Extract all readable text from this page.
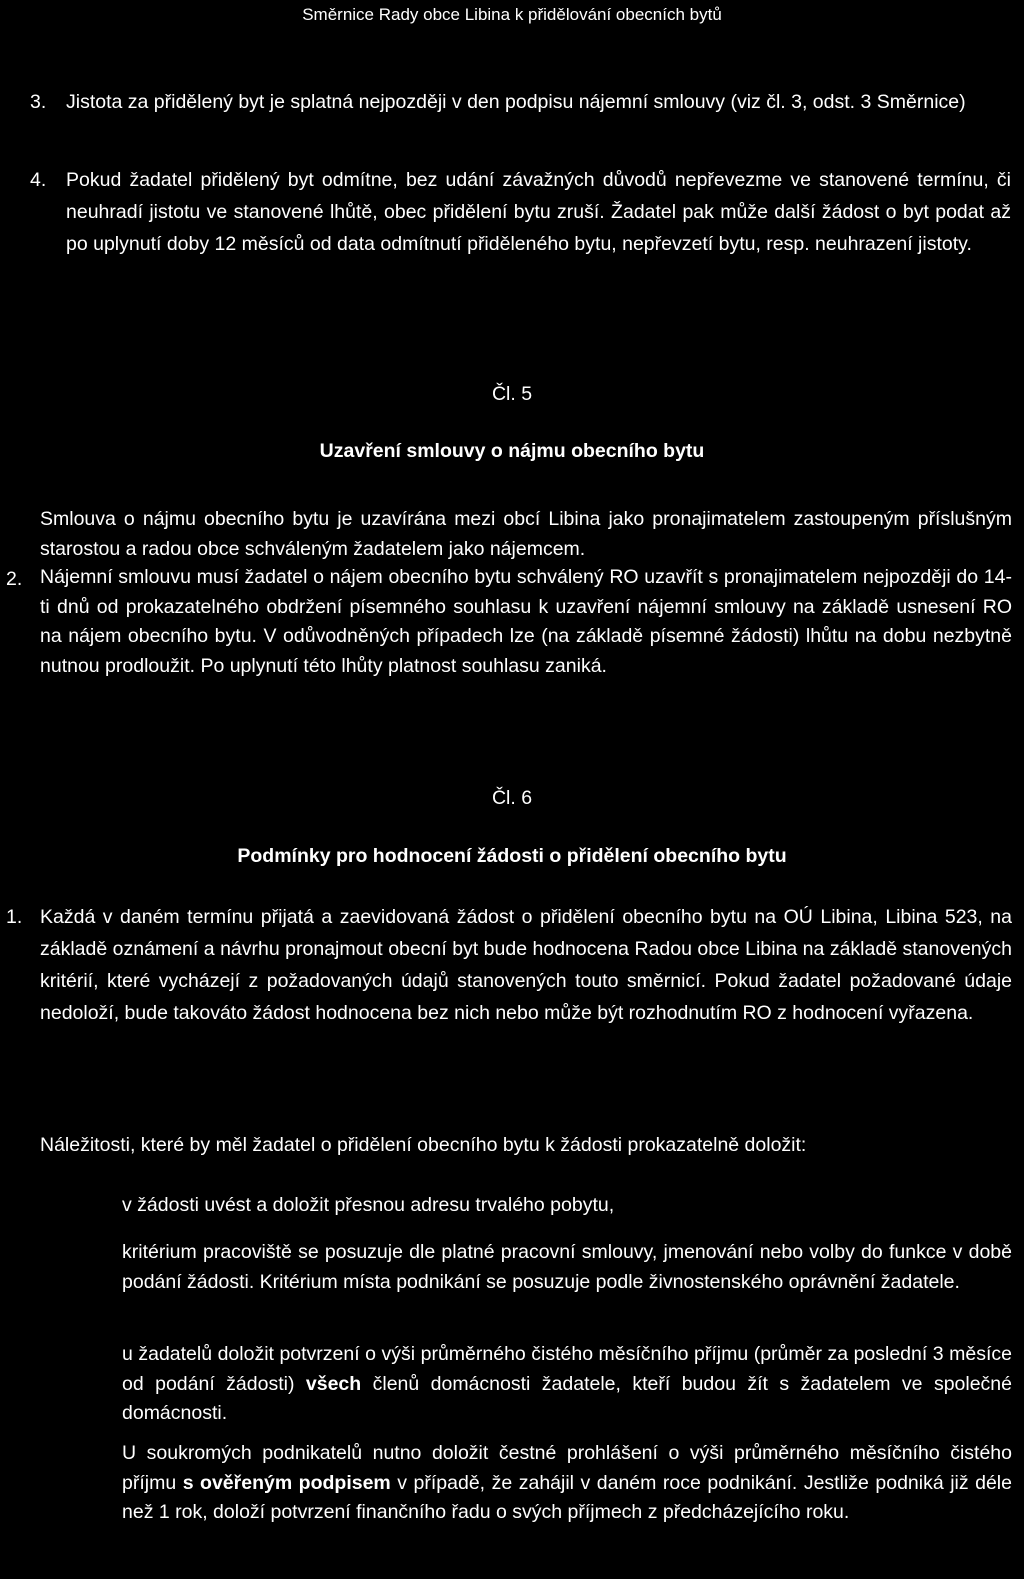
Směrnice Rady obce Libina k přidělování obecních bytů
3. Jistota za přidělený byt je splatná nejpozději v den podpisu nájemní smlouvy (viz čl. 3, odst. 3 Směrnice)

4. Pokud žadatel přidělený byt odmítne, bez udání závažných důvodů nepřevezme ve stanovené termínu, či neuhradí jistotu ve stanovené lhůtě, obec přidělení bytu zruší. Žadatel pak může další žádost o byt podat až po uplynutí doby 12 měsíců od data odmítnutí přiděleného bytu, nepřevzetí bytu, resp. neuhrazení jistoty.

Čl. 5
Uzavření smlouvy o nájmu obecního bytu

Smlouva o nájmu obecního bytu je uzavírána mezi obcí Libina jako pronajimatelem zastoupeným příslušným starostou a radou obce schváleným žadatelem jako nájemcem.

2. Nájemní smlouvu musí žadatel o nájem obecního bytu schválený RO uzavřít s pronajimatelem nejpozději do 14-ti dnů od prokazatelného obdržení písemného souhlasu k uzavření nájemní smlouvy na základě usnesení RO na nájem obecního bytu. V odůvodněných případech lze (na základě písemné žádosti) lhůtu na dobu nezbytně nutnou prodloužit. Po uplynutí této lhůty platnost souhlasu zaniká.

Čl. 6
Podmínky pro hodnocení žádosti o přidělení obecního bytu
1. Každá v daném termínu přijatá a zaevidovaná žádost o přidělení obecního bytu na OÚ Libina, Libina 523, na základě oznámení a návrhu pronajmout obecní byt bude hodnocena Radou obce Libina na základě stanovených kritérií, které vycházejí z požadovaných údajů stanovených touto směrnicí. Pokud žadatel požadované údaje nedoloží, bude takováto žádost hodnocena bez nich nebo může být rozhodnutím RO z hodnocení vyřazena.

Náležitosti, které by měl žadatel o přidělení obecního bytu k žádosti prokazatelně doložit:

v žádosti uvést a doložit přesnou adresu trvalého pobytu,

kritérium pracoviště se posuzuje dle platné pracovní smlouvy, jmenování nebo volby do funkce v době podání žádosti. Kritérium místa podnikání se posuzuje podle živnostenského oprávnění žadatele.

u žadatelů doložit potvrzení o výši průměrného čistého měsíčního příjmu (průměr za poslední 3 měsíce od podání žádosti) všech členů domácnosti žadatele, kteří budou žít s žadatelem ve společné domácnosti.

U soukromých podnikatelů nutno doložit čestné prohlášení o výši průměrného měsíčního čistého příjmu s ověřeným podpisem v případě, že zahájil v daném roce podnikání. Jestliže podniká již déle než 1 rok, doloží potvrzení finančního řadu o svých příjmech z předcházejícího roku.
